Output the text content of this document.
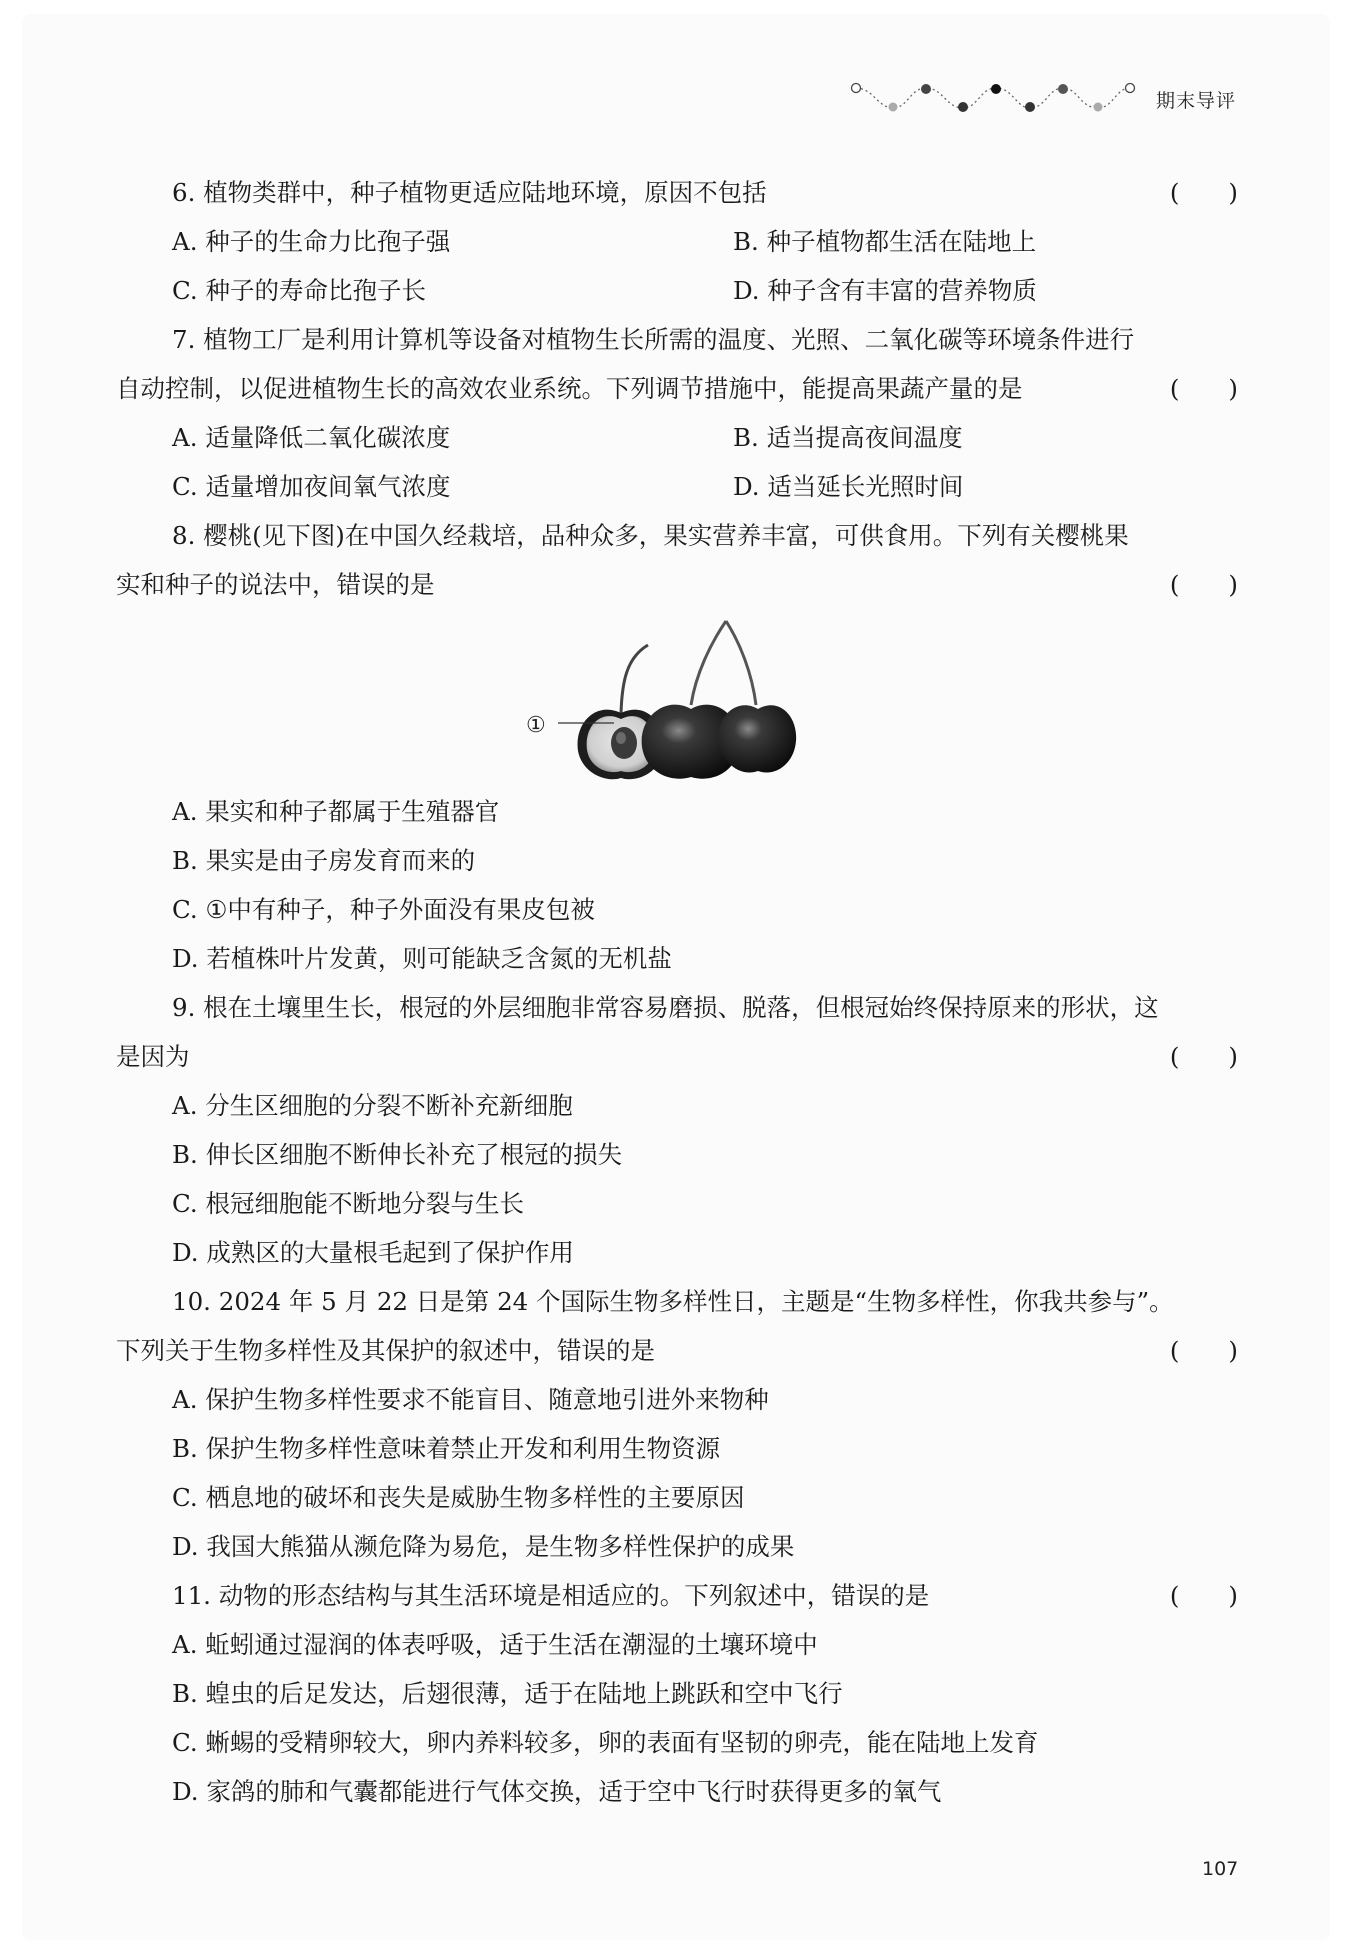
期末导评
6. 植物类群中，种子植物更适应陆地环境，原因不包括	(　　)
A. 种子的生命力比孢子强	B. 种子植物都生活在陆地上
C. 种子的寿命比孢子长	D. 种子含有丰富的营养物质
7. 植物工厂是利用计算机等设备对植物生长所需的温度、光照、二氧化碳等环境条件进行
自动控制，以促进植物生长的高效农业系统。下列调节措施中，能提高果蔬产量的是	(　　)
A. 适量降低二氧化碳浓度	B. 适当提高夜间温度
C. 适量增加夜间氧气浓度	D. 适当延长光照时间
8. 樱桃(见下图)在中国久经栽培，品种众多，果实营养丰富，可供食用。下列有关樱桃果
实和种子的说法中，错误的是	(　　)
①
A. 果实和种子都属于生殖器官
B. 果实是由子房发育而来的
C. ①中有种子，种子外面没有果皮包被
D. 若植株叶片发黄，则可能缺乏含氮的无机盐
9. 根在土壤里生长，根冠的外层细胞非常容易磨损、脱落，但根冠始终保持原来的形状，这
是因为	(　　)
A. 分生区细胞的分裂不断补充新细胞
B. 伸长区细胞不断伸长补充了根冠的损失
C. 根冠细胞能不断地分裂与生长
D. 成熟区的大量根毛起到了保护作用
10. 2024 年 5 月 22 日是第 24 个国际生物多样性日，主题是“生物多样性，你我共参与”。
下列关于生物多样性及其保护的叙述中，错误的是	(　　)
A. 保护生物多样性要求不能盲目、随意地引进外来物种
B. 保护生物多样性意味着禁止开发和利用生物资源
C. 栖息地的破坏和丧失是威胁生物多样性的主要原因
D. 我国大熊猫从濒危降为易危，是生物多样性保护的成果
11. 动物的形态结构与其生活环境是相适应的。下列叙述中，错误的是	(　　)
A. 蚯蚓通过湿润的体表呼吸，适于生活在潮湿的土壤环境中
B. 蝗虫的后足发达，后翅很薄，适于在陆地上跳跃和空中飞行
C. 蜥蜴的受精卵较大，卵内养料较多，卵的表面有坚韧的卵壳，能在陆地上发育
D. 家鸽的肺和气囊都能进行气体交换，适于空中飞行时获得更多的氧气
107
